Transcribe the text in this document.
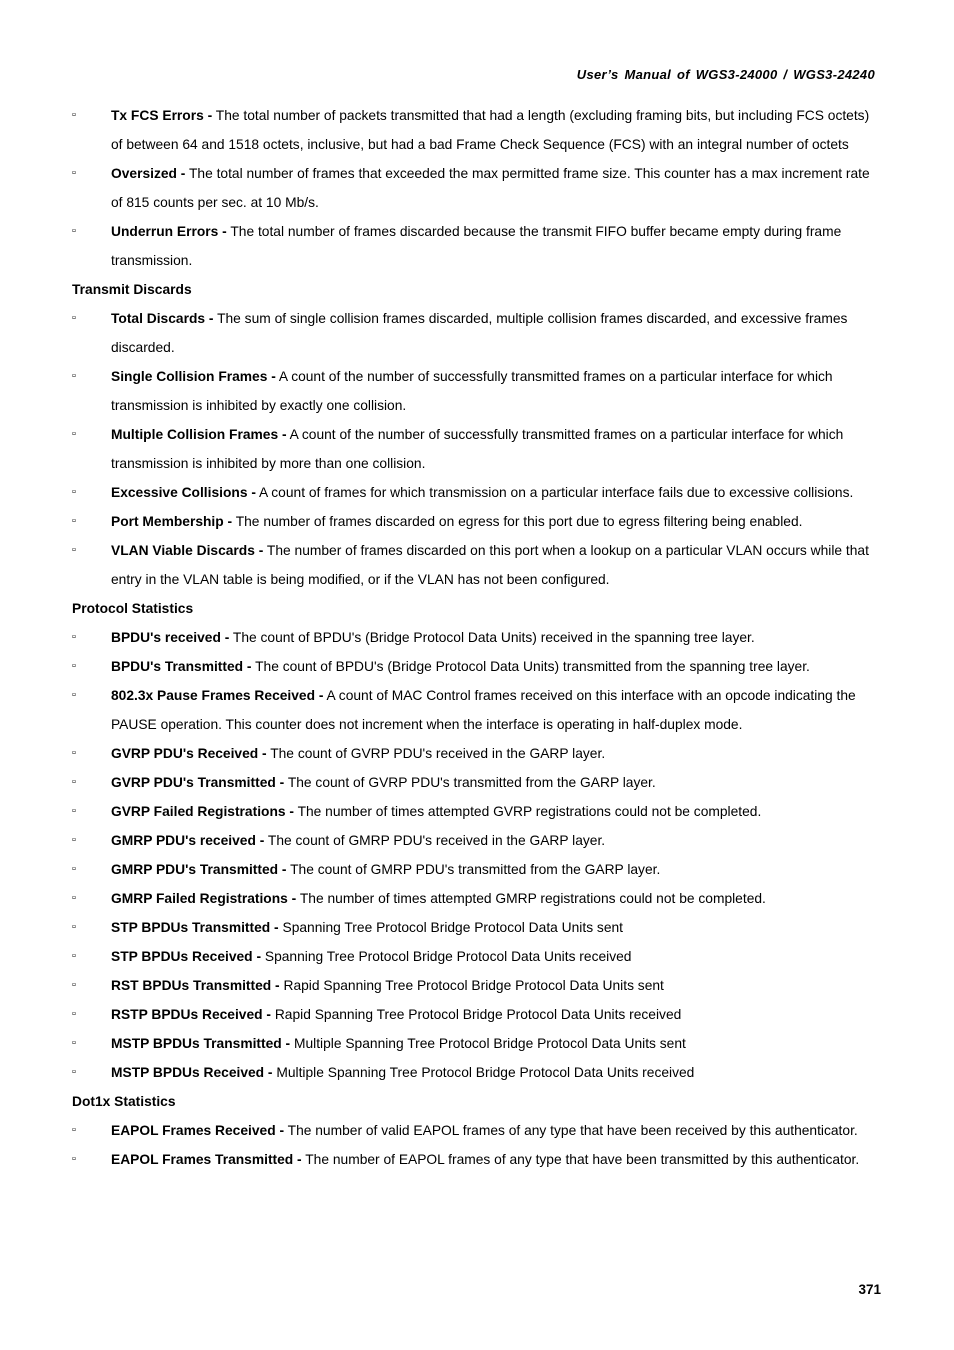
User’s Manual of WGS3-24000 / WGS3-24240
▫	Tx FCS Errors - The total number of packets transmitted that had a length (excluding framing bits, but including FCS octets) of between 64 and 1518 octets, inclusive, but had a bad Frame Check Sequence (FCS) with an integral number of octets
▫	Oversized - The total number of frames that exceeded the max permitted frame size. This counter has a max increment rate of 815 counts per sec. at 10 Mb/s.
▫	Underrun Errors - The total number of frames discarded because the transmit FIFO buffer became empty during frame transmission.
Transmit Discards
▫	Total Discards - The sum of single collision frames discarded, multiple collision frames discarded, and excessive frames discarded.
▫	Single Collision Frames - A count of the number of successfully transmitted frames on a particular interface for which transmission is inhibited by exactly one collision.
▫	Multiple Collision Frames - A count of the number of successfully transmitted frames on a particular interface for which transmission is inhibited by more than one collision.
▫	Excessive Collisions - A count of frames for which transmission on a particular interface fails due to excessive collisions.
▫	Port Membership - The number of frames discarded on egress for this port due to egress filtering being enabled.
▫	VLAN Viable Discards - The number of frames discarded on this port when a lookup on a particular VLAN occurs while that entry in the VLAN table is being modified, or if the VLAN has not been configured.
Protocol Statistics
▫	BPDU's received - The count of BPDU's (Bridge Protocol Data Units) received in the spanning tree layer.
▫	BPDU's Transmitted - The count of BPDU's (Bridge Protocol Data Units) transmitted from the spanning tree layer.
▫	802.3x Pause Frames Received - A count of MAC Control frames received on this interface with an opcode indicating the PAUSE operation. This counter does not increment when the interface is operating in half-duplex mode.
▫	GVRP PDU's Received - The count of GVRP PDU's received in the GARP layer.
▫	GVRP PDU's Transmitted - The count of GVRP PDU's transmitted from the GARP layer.
▫	GVRP Failed Registrations - The number of times attempted GVRP registrations could not be completed.
▫	GMRP PDU's received - The count of GMRP PDU's received in the GARP layer.
▫	GMRP PDU's Transmitted - The count of GMRP PDU's transmitted from the GARP layer.
▫	GMRP Failed Registrations - The number of times attempted GMRP registrations could not be completed.
▫	STP BPDUs Transmitted - Spanning Tree Protocol Bridge Protocol Data Units sent
▫	STP BPDUs Received - Spanning Tree Protocol Bridge Protocol Data Units received
▫	RST BPDUs Transmitted - Rapid Spanning Tree Protocol Bridge Protocol Data Units sent
▫	RSTP BPDUs Received - Rapid Spanning Tree Protocol Bridge Protocol Data Units received
▫	MSTP BPDUs Transmitted - Multiple Spanning Tree Protocol Bridge Protocol Data Units sent
▫	MSTP BPDUs Received - Multiple Spanning Tree Protocol Bridge Protocol Data Units received
Dot1x Statistics
▫	EAPOL Frames Received - The number of valid EAPOL frames of any type that have been received by this authenticator.
▫	EAPOL Frames Transmitted - The number of EAPOL frames of any type that have been transmitted by this authenticator.
371
